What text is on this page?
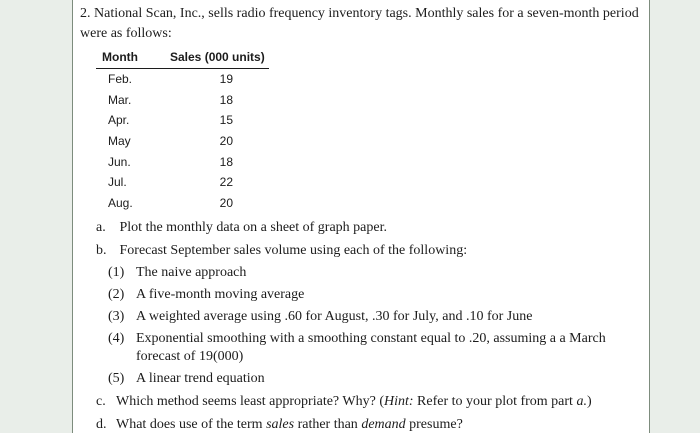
2. National Scan, Inc., sells radio frequency inventory tags. Monthly sales for a seven-month period were as follows:
Month	Sales (000 units)
Feb.	19
Mar.	18
Apr.	15
May	20
Jun.	18
Jul.	22
Aug.	20
a. Plot the monthly data on a sheet of graph paper.
b. Forecast September sales volume using each of the following:
(1) The naive approach
(2) A five-month moving average
(3) A weighted average using .60 for August, .30 for July, and .10 for June
(4) Exponential smoothing with a smoothing constant equal to .20, assuming a a March forecast of 19(000)
(5) A linear trend equation
c. Which method seems least appropriate? Why? (Hint: Refer to your plot from part a.)
d. What does use of the term sales rather than demand presume?
